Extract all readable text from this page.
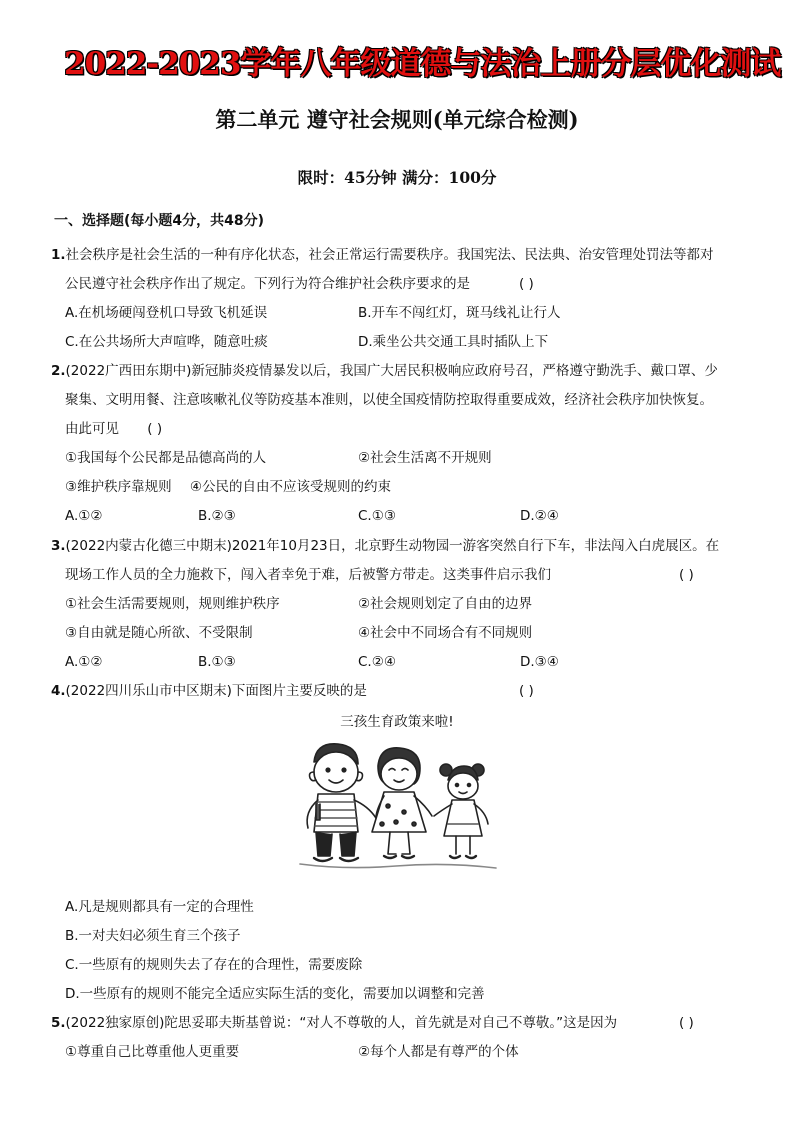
2022-2023学年八年级道德与法治上册分层优化测试
第二单元 遵守社会规则(单元综合检测)
限时：45分钟 满分：100分
一、选择题(每小题4分，共48分)
1.社会秩序是社会生活的一种有序化状态，社会正常运行需要秩序。我国宪法、民法典、治安管理处罚法等都对
公民遵守社会秩序作出了规定。下列行为符合维护社会秩序要求的是	( )
A.在机场硬闯登机口导致飞机延误	B.开车不闯红灯，斑马线礼让行人
C.在公共场所大声喧哗，随意吐痰	D.乘坐公共交通工具时插队上下
2.(2022广西田东期中)新冠肺炎疫情暴发以后，我国广大居民积极响应政府号召，严格遵守勤洗手、戴口罩、少
聚集、文明用餐、注意咳嗽礼仪等防疫基本准则，以使全国疫情防控取得重要成效，经济社会秩序加快恢复。
由此可见 ( )
①我国每个公民都是品德高尚的人	②社会生活离不开规则
③维护秩序靠规则 ④公民的自由不应该受规则的约束
A.①②	B.②③	C.①③	D.②④
3.(2022内蒙古化德三中期末)2021年10月23日，北京野生动物园一游客突然自行下车，非法闯入白虎展区。在
现场工作人员的全力施救下，闯入者幸免于难，后被警方带走。这类事件启示我们	( )
①社会生活需要规则，规则维护秩序	②社会规则划定了自由的边界
③自由就是随心所欲、不受限制	④社会中不同场合有不同规则
A.①②	B.①③	C.②④	D.③④
4.(2022四川乐山市中区期末)下面图片主要反映的是	( )
三孩生育政策来啦!
A.凡是规则都具有一定的合理性
B.一对夫妇必须生育三个孩子
C.一些原有的规则失去了存在的合理性，需要废除
D.一些原有的规则不能完全适应实际生活的变化，需要加以调整和完善
5.(2022独家原创)陀思妥耶夫斯基曾说：“对人不尊敬的人，首先就是对自己不尊敬。”这是因为	( )
①尊重自己比尊重他人更重要	②每个人都是有尊严的个体
